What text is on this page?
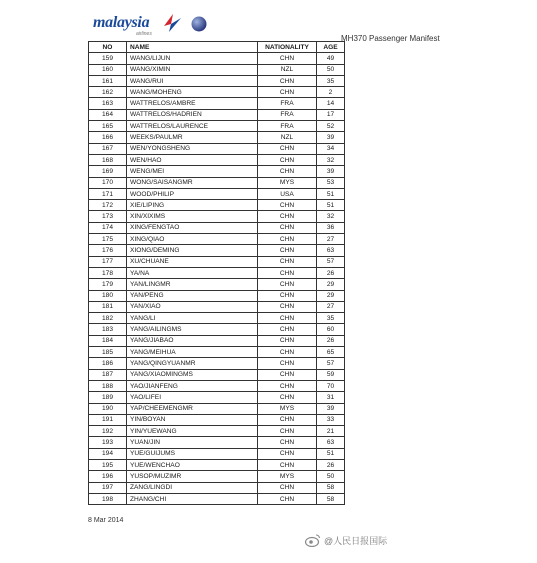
malaysia
airlines	MH370 Passenger Manifest
NO	NAME	NATIONALITY	AGE
159	WANG/LIJUN	CHN	49
160	WANG/XIMIN	NZL	50
161	WANG/RUI	CHN	35
162	WANG/MOHENG	CHN	2
163	WATTRELOS/AMBRE	FRA	14
164	WATTRELOS/HADRIEN	FRA	17
165	WATTRELOS/LAURENCE	FRA	52
166	WEEKS/PAULMR	NZL	39
167	WEN/YONGSHENG	CHN	34
168	WEN/HAO	CHN	32
169	WENG/MEI	CHN	39
170	WONG/SAISANGMR	MYS	53
171	WOOD/PHILIP	USA	51
172	XIE/LIPING	CHN	51
173	XIN/XIXIMS	CHN	32
174	XING/FENGTAO	CHN	36
175	XING/QIAO	CHN	27
176	XIONG/DEMING	CHN	63
177	XU/CHUANE	CHN	57
178	YA/NA	CHN	26
179	YAN/LINGMR	CHN	29
180	YAN/PENG	CHN	29
181	YAN/XIAO	CHN	27
182	YANG/LI	CHN	35
183	YANG/AILINGMS	CHN	60
184	YANG/JIABAO	CHN	26
185	YANG/MEIHUA	CHN	65
186	YANG/QINGYUANMR	CHN	57
187	YANG/XIAOMINGMS	CHN	59
188	YAO/JIANFENG	CHN	70
189	YAO/LIFEI	CHN	31
190	YAP/CHEEMENGMR	MYS	39
191	YIN/BOYAN	CHN	33
192	YIN/YUEWANG	CHN	21
193	YUAN/JIN	CHN	63
194	YUE/GUIJUMS	CHN	51
195	YUE/WENCHAO	CHN	26
196	YUSOP/MUZIMR	MYS	50
197	ZANG/LINGDI	CHN	58
198	ZHANG/CHI	CHN	58
8 Mar 2014
@人民日报国际
